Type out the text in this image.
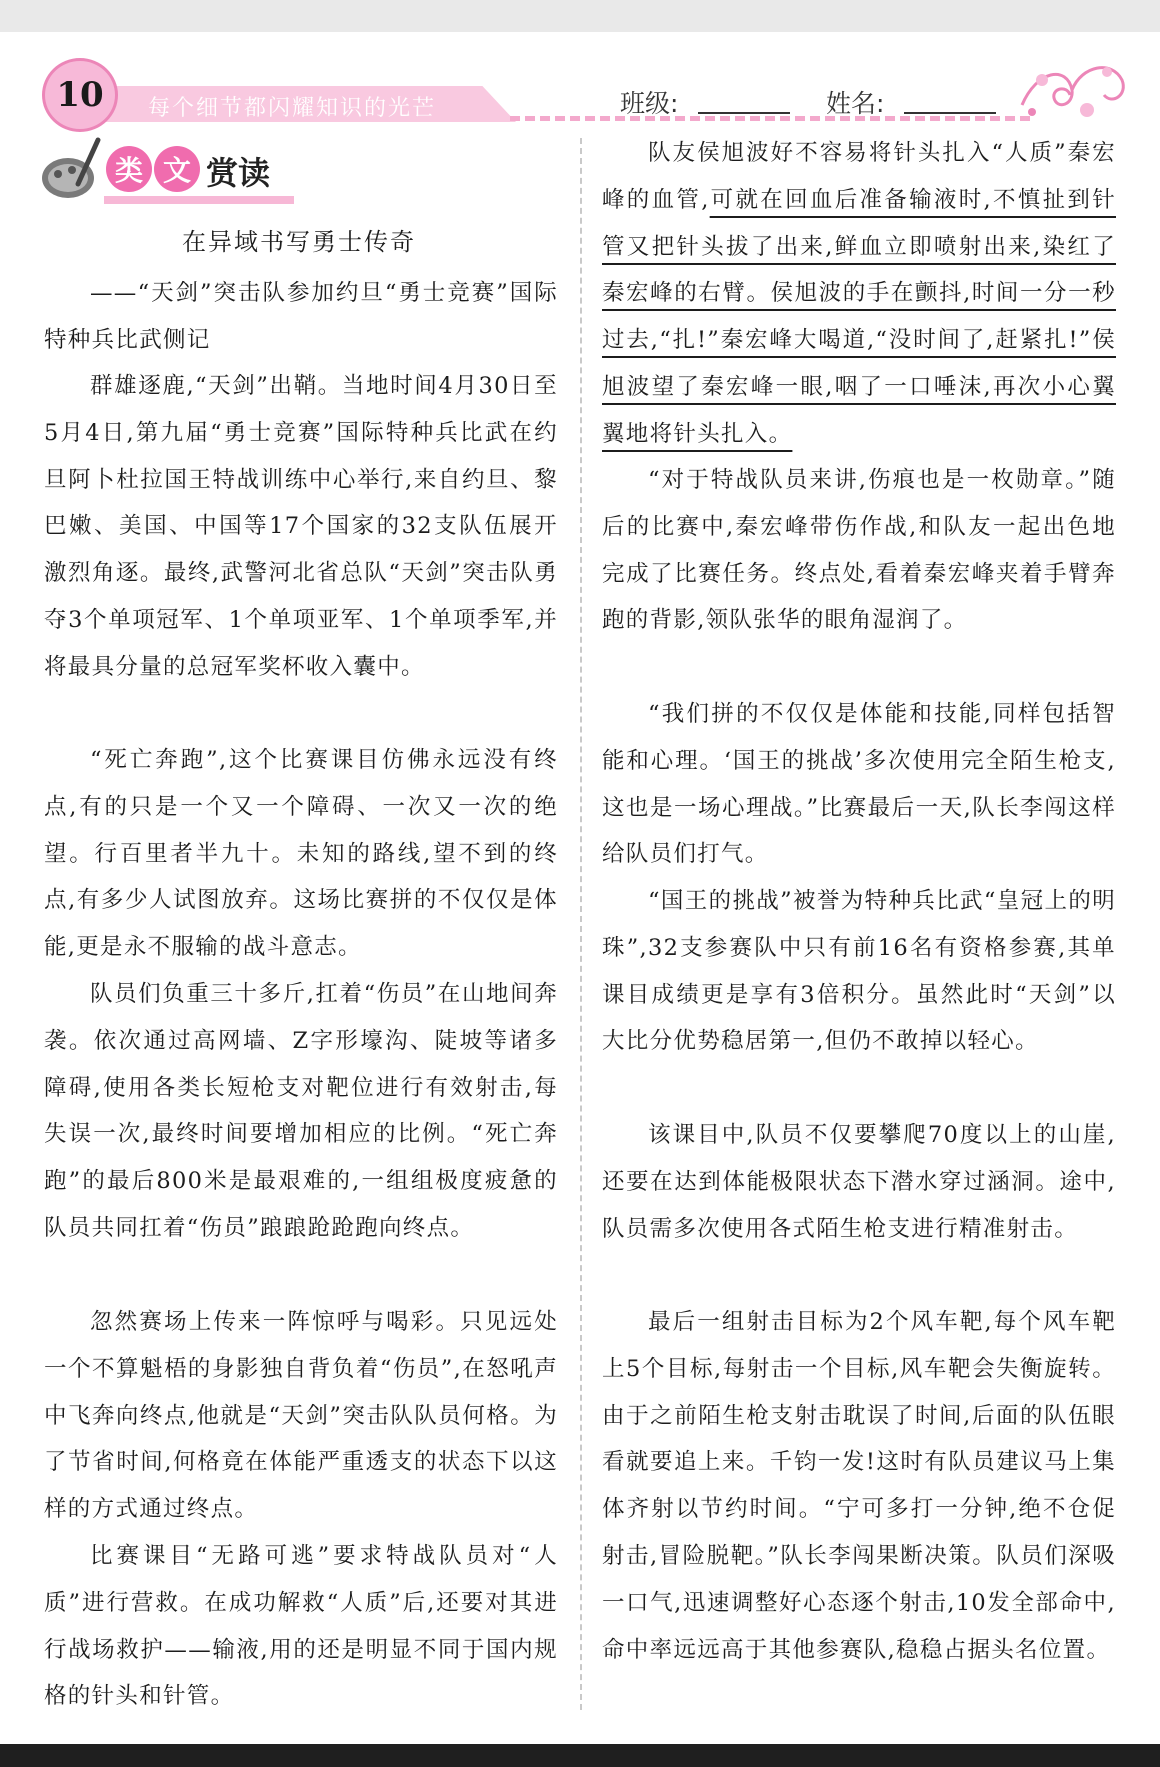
10	每个细节都闪耀知识的光芒	班级:	姓名:
类 文 赏读
在异域书写勇士传奇

——“天剑”突击队参加约旦“勇士竞赛”国际特种兵比武侧记

群雄逐鹿,“天剑”出鞘。当地时间4月30日至5月4日,第九届“勇士竞赛”国际特种兵比武在约旦阿卜杜拉国王特战训练中心举行,来自约旦、黎巴嫩、美国、中国等17个国家的32支队伍展开激烈角逐。最终,武警河北省总队“天剑”突击队勇夺3个单项冠军、1个单项亚军、1个单项季军,并将最具分量的总冠军奖杯收入囊中。

“死亡奔跑”,这个比赛课目仿佛永远没有终点,有的只是一个又一个障碍、一次又一次的绝望。行百里者半九十。未知的路线,望不到的终点,有多少人试图放弃。这场比赛拼的不仅仅是体能,更是永不服输的战斗意志。

队员们负重三十多斤,扛着“伤员”在山地间奔袭。依次通过高网墙、Z字形壕沟、陡坡等诸多障碍,使用各类长短枪支对靶位进行有效射击,每失误一次,最终时间要增加相应的比例。“死亡奔跑”的最后800米是最艰难的,一组组极度疲惫的队员共同扛着“伤员”踉踉跄跄跑向终点。

忽然赛场上传来一阵惊呼与喝彩。只见远处一个不算魁梧的身影独自背负着“伤员”,在怒吼声中飞奔向终点,他就是“天剑”突击队队员何格。为了节省时间,何格竟在体能严重透支的状态下以这样的方式通过终点。

比赛课目“无路可逃”要求特战队员对“人质”进行营救。在成功解救“人质”后,还要对其进行战场救护——输液,用的还是明显不同于国内规格的针头和针管。

队友侯旭波好不容易将针头扎入“人质”秦宏峰的血管,可就在回血后准备输液时,不慎扯到针管又把针头拔了出来,鲜血立即喷射出来,染红了秦宏峰的右臂。侯旭波的手在颤抖,时间一分一秒过去,“扎!”秦宏峰大喝道,“没时间了,赶紧扎!”侯旭波望了秦宏峰一眼,咽了一口唾沫,再次小心翼翼地将针头扎入。

“对于特战队员来讲,伤痕也是一枚勋章。”随后的比赛中,秦宏峰带伤作战,和队友一起出色地完成了比赛任务。终点处,看着秦宏峰夹着手臂奔跑的背影,领队张华的眼角湿润了。

“我们拼的不仅仅是体能和技能,同样包括智能和心理。‘国王的挑战’多次使用完全陌生枪支,这也是一场心理战。”比赛最后一天,队长李闯这样给队员们打气。

“国王的挑战”被誉为特种兵比武“皇冠上的明珠”,32支参赛队中只有前16名有资格参赛,其单课目成绩更是享有3倍积分。虽然此时“天剑”以大比分优势稳居第一,但仍不敢掉以轻心。

该课目中,队员不仅要攀爬70度以上的山崖,还要在达到体能极限状态下潜水穿过涵洞。途中,队员需多次使用各式陌生枪支进行精准射击。

最后一组射击目标为2个风车靶,每个风车靶上5个目标,每射击一个目标,风车靶会失衡旋转。由于之前陌生枪支射击耽误了时间,后面的队伍眼看就要追上来。千钧一发!这时有队员建议马上集体齐射以节约时间。“宁可多打一分钟,绝不仓促射击,冒险脱靶。”队长李闯果断决策。队员们深吸一口气,迅速调整好心态逐个射击,10发全部命中,命中率远远高于其他参赛队,稳稳占据头名位置。
